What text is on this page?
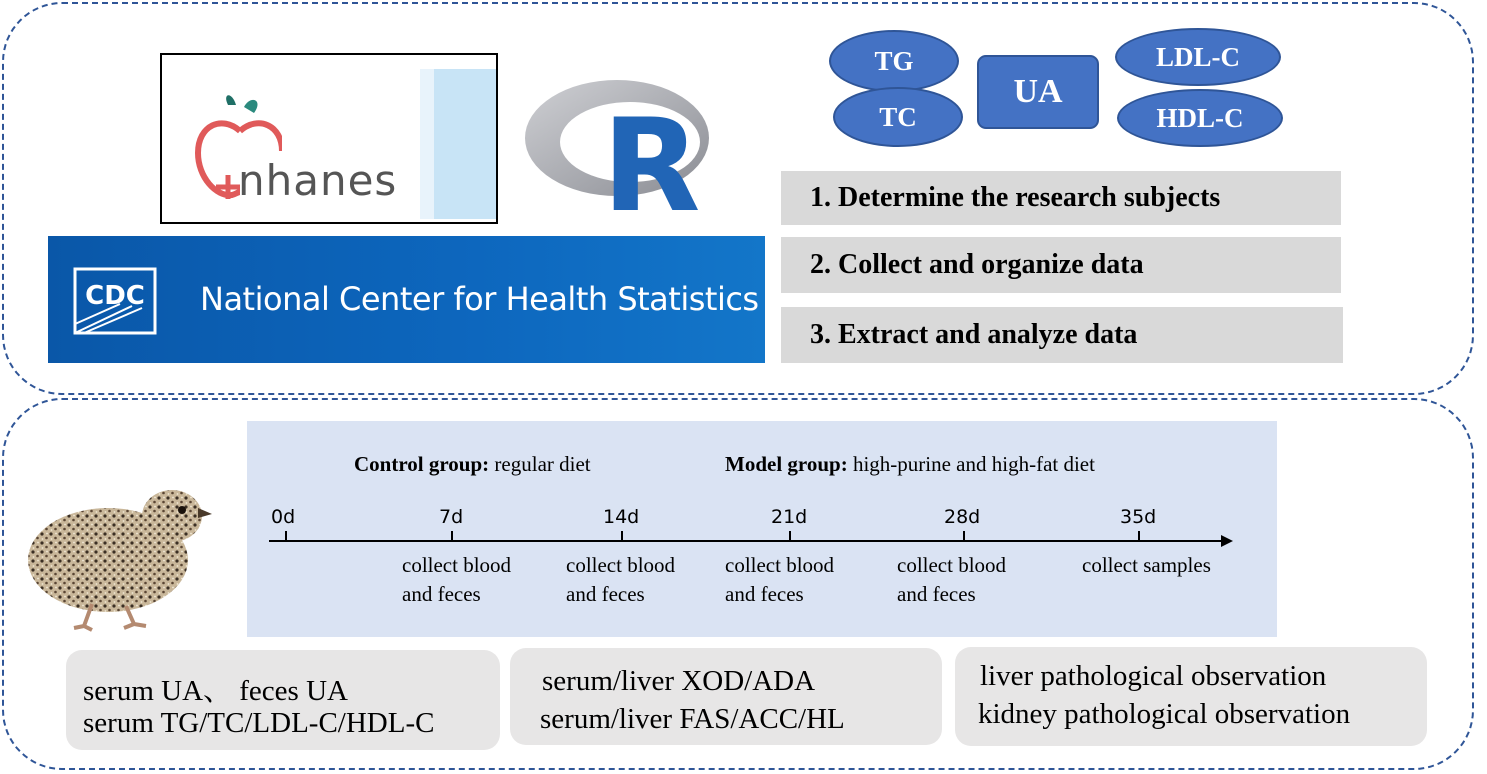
nhanes R
CDC National Center for Health Statistics
TG
TC
UA
LDL-C
HDL-C
1. Determine the research subjects
2. Collect and organize data
3. Extract and analyze data
Control group: regular diet	Model group: high-purine and high-fat diet
0d	7d	14d	21d	28d	35d
collect blood
and feces
collect blood
and feces
collect blood
and feces
collect blood
and feces
collect samples
serum UA、 feces UA
serum TG/TC/LDL-C/HDL-C
serum/liver XOD/ADA
serum/liver FAS/ACC/HL
liver pathological observation
kidney pathological observation
